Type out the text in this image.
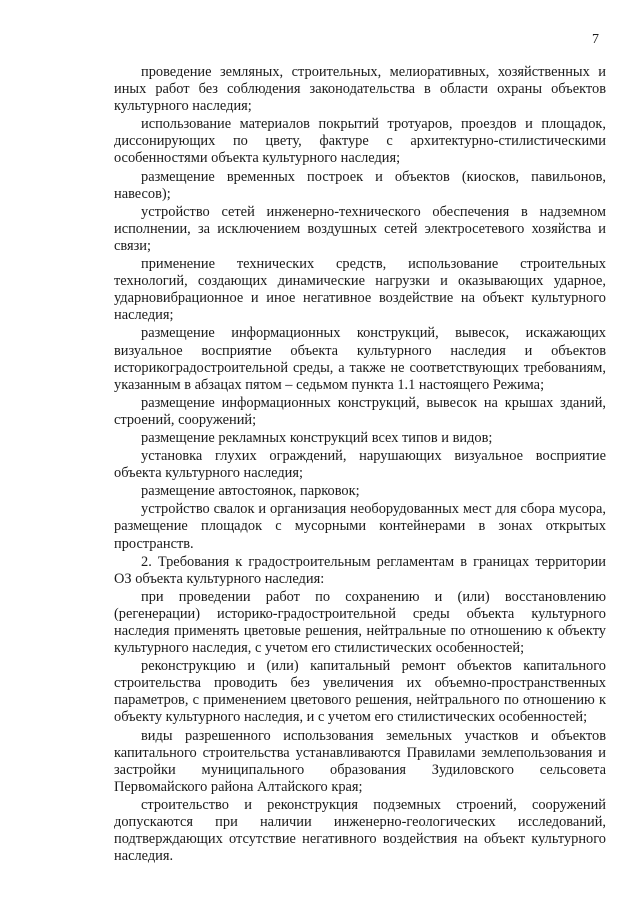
7

проведение земляных, строительных, мелиоративных, хозяйственных и иных работ без соблюдения законодательства в области охраны объектов культурного наследия;

использование материалов покрытий тротуаров, проездов и площадок, диссонирующих по цвету, фактуре с архитектурно-стилистическими особенностями объекта культурного наследия;

размещение временных построек и объектов (киосков, павильонов, навесов);

устройство сетей инженерно-технического обеспечения в надземном исполнении, за исключением воздушных сетей электросетевого хозяйства и связи;

применение технических средств, использование строительных технологий, создающих динамические нагрузки и оказывающих ударное, ударновибрационное и иное негативное воздействие на объект культурного наследия;

размещение информационных конструкций, вывесок, искажающих визуальное восприятие объекта культурного наследия и объектов историкоградостроительной среды, а также не соответствующих требованиям, указанным в абзацах пятом – седьмом пункта 1.1 настоящего Режима;

размещение информационных конструкций, вывесок на крышах зданий, строений, сооружений;

размещение рекламных конструкций всех типов и видов;

установка глухих ограждений, нарушающих визуальное восприятие объекта культурного наследия;

размещение автостоянок, парковок;

устройство свалок и организация необорудованных мест для сбора мусора, размещение площадок с мусорными контейнерами в зонах открытых пространств.

2. Требования к градостроительным регламентам в границах территории ОЗ объекта культурного наследия:

при проведении работ по сохранению и (или) восстановлению (регенерации) историко-градостроительной среды объекта культурного наследия применять цветовые решения, нейтральные по отношению к объекту культурного наследия, с учетом его стилистических особенностей;

реконструкцию и (или) капитальный ремонт объектов капитального строительства проводить без увеличения их объемно-пространственных параметров, с применением цветового решения, нейтрального по отношению к объекту культурного наследия, и с учетом его стилистических особенностей;

виды разрешенного использования земельных участков и объектов капитального строительства устанавливаются Правилами землепользования и застройки муниципального образования Зудиловского сельсовета Первомайского района Алтайского края;

строительство и реконструкция подземных строений, сооружений допускаются при наличии инженерно-геологических исследований, подтверждающих отсутствие негативного воздействия на объект культурного наследия.
